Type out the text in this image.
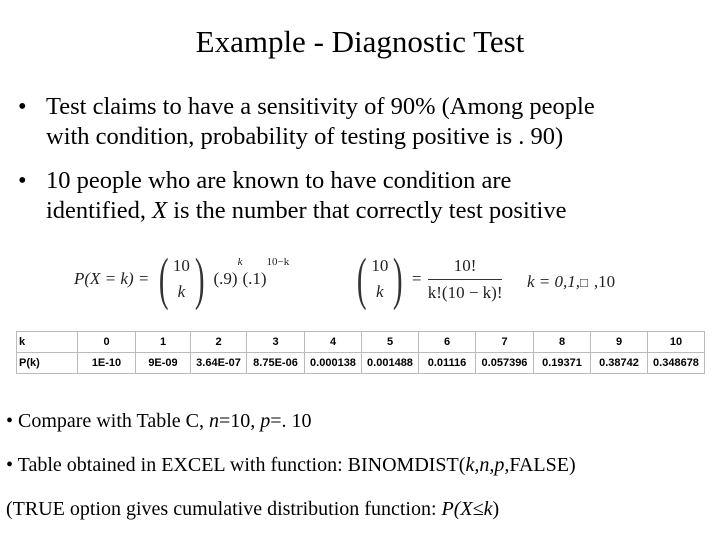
Example - Diagnostic Test
• Test claims to have a sensitivity of 90% (Among people
with condition, probability of testing positive is . 90)
• 10 people who are known to have condition are
identified, X is the number that correctly test positive
P(X = k) = ( 10
k ) $(.9)^k(.1)^{10-k}$ ( 10
k ) = $\frac{10!}{k!(10 - k)!}$ k = 0,1,□ ,10
k	0	1	2	3	4	5	6	7	8	9	10
P(k)	1E-10	9E-09	3.64E-07	8.75E-06	0.000138	0.001488	0.01116	0.057396	0.19371	0.38742	0.348678
• Compare with Table C, n=10, p=. 10
• Table obtained in EXCEL with function: BINOMDIST(k,n,p,FALSE)
(TRUE option gives cumulative distribution function: P(X≤k)
